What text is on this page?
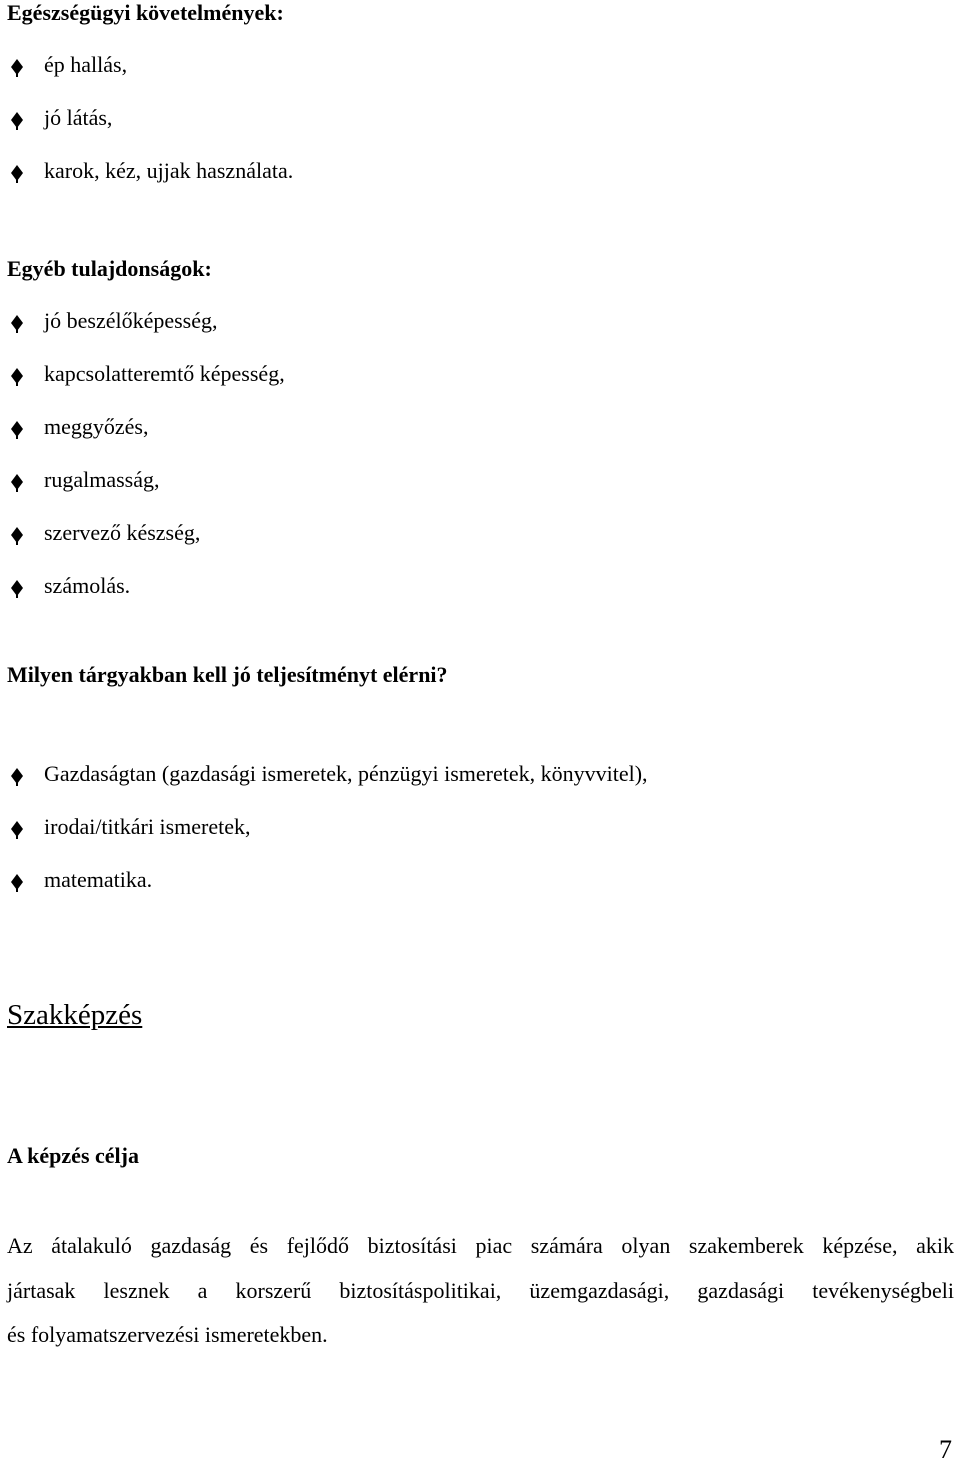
Egészségügyi követelmények:
ép hallás,
jó látás,
karok, kéz, ujjak használata.
Egyéb tulajdonságok:
jó beszélőképesség,
kapcsolatteremtő képesség,
meggyőzés,
rugalmasság,
szervező készség,
számolás.
Milyen tárgyakban kell jó teljesítményt elérni?
Gazdaságtan (gazdasági ismeretek, pénzügyi ismeretek, könyvvitel),
irodai/titkári ismeretek,
matematika.
Szakképzés
A képzés célja
Az átalakuló gazdaság és fejlődő biztosítási piac számára olyan szakemberek képzése, akik
jártasak lesznek a korszerű biztosításpolitikai, üzemgazdasági, gazdasági tevékenységbeli
és folyamatszervezési ismeretekben.
7
